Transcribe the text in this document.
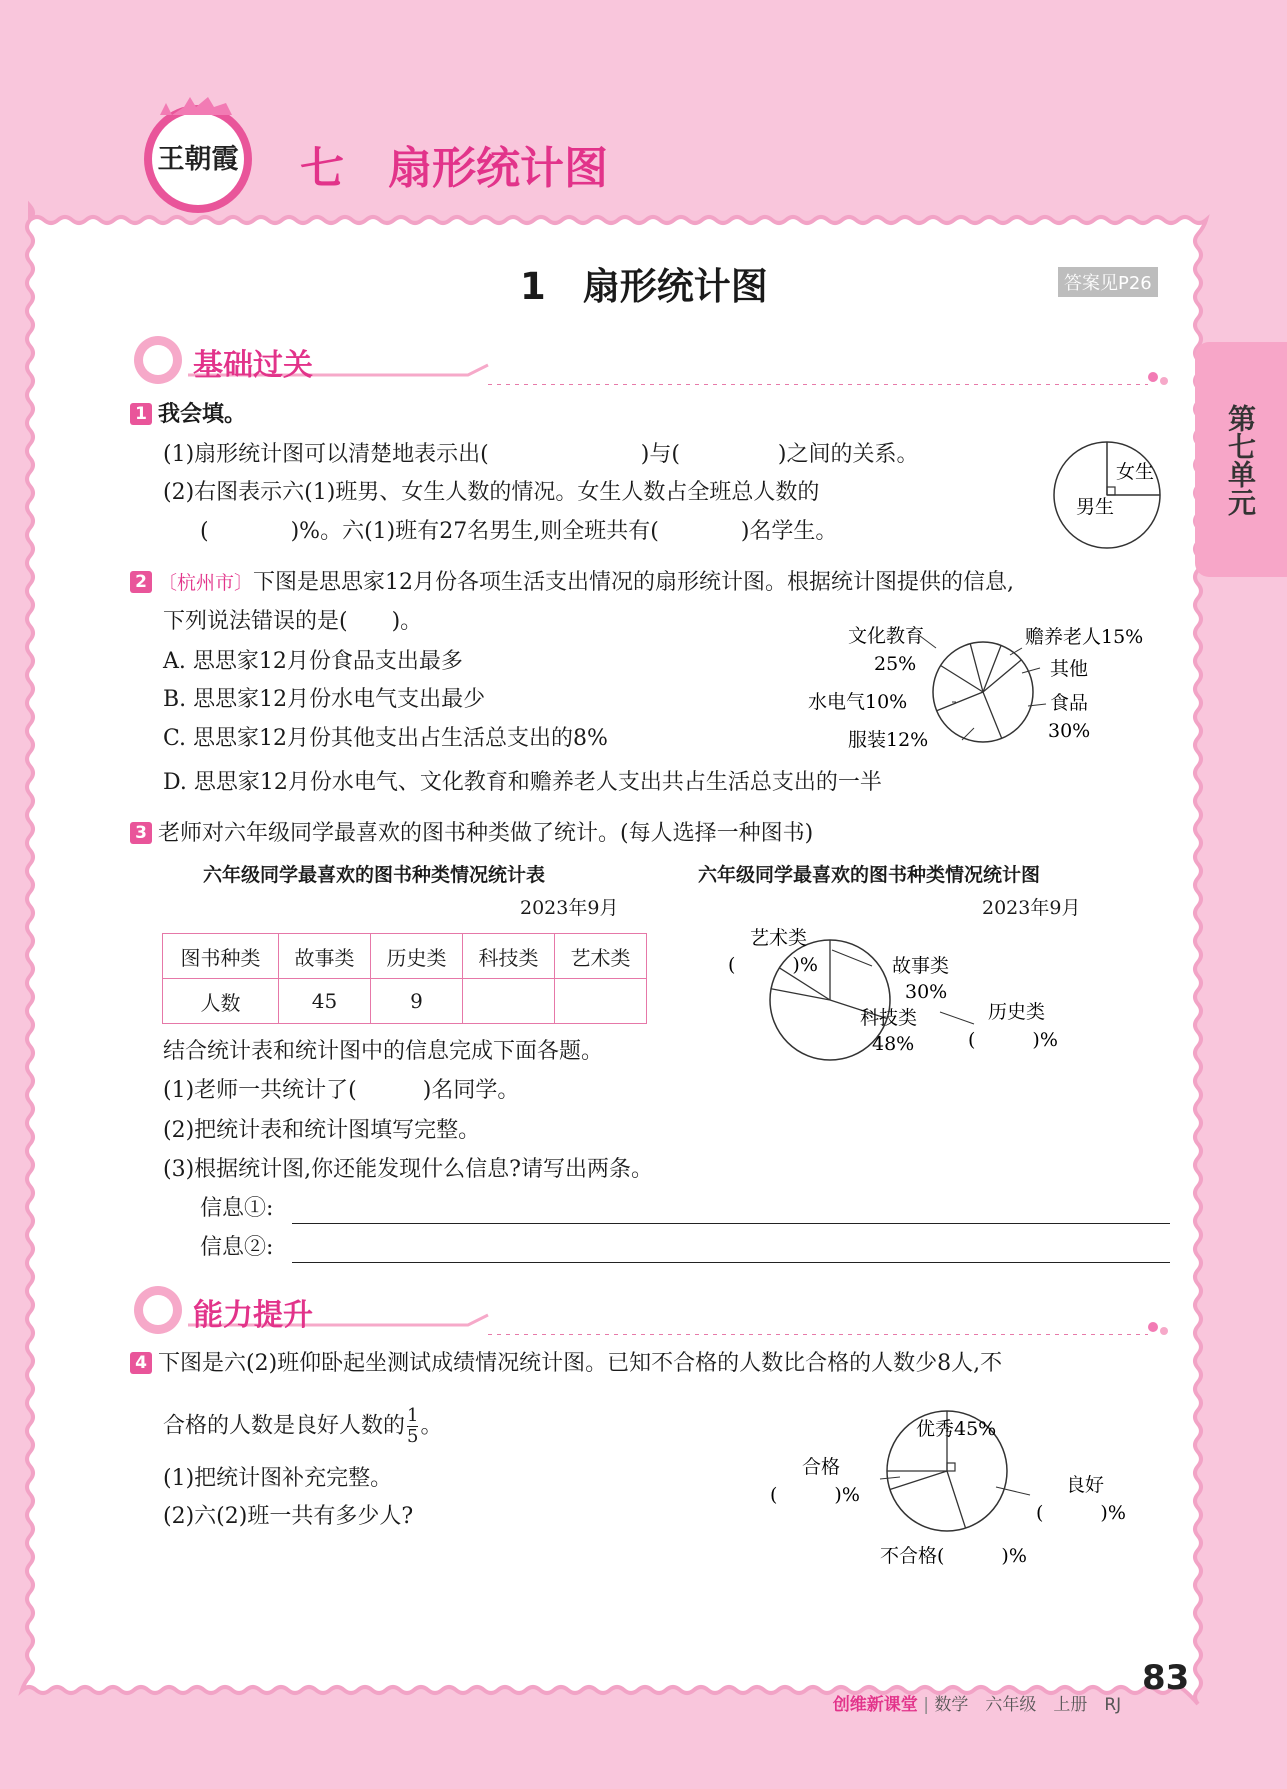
王朝霞 七　扇形统计图
第七单元
1　扇形统计图	答案见P26
基础过关
1 我会填。
(1)扇形统计图可以清楚地表示出(	)与(	)之间的关系。
(2)右图表示六(1)班男、女生人数的情况。女生人数占全班总人数的
(	)%。六(1)班有27名男生,则全班共有(	)名学生。
女生
男生
2 〔杭州市〕下图是思思家12月份各项生活支出情况的扇形统计图。根据统计图提供的信息,
下列说法错误的是(　　)。
A. 思思家12月份食品支出最多
B. 思思家12月份水电气支出最少
C. 思思家12月份其他支出占生活总支出的8%
D. 思思家12月份水电气、文化教育和赡养老人支出共占生活总支出的一半
文化教育
25%
赡养老人15%
其他
食品
30%
水电气10%
服装12%
3 老师对六年级同学最喜欢的图书种类做了统计。(每人选择一种图书)
六年级同学最喜欢的图书种类情况统计表
2023年9月
六年级同学最喜欢的图书种类情况统计图
2023年9月
图书种类	故事类	历史类	科技类	艺术类
人数	45	9		
艺术类
(　　　)%	故事类
30%
历史类
(　　　)%
科技类
48%
结合统计表和统计图中的信息完成下面各题。
(1)老师一共统计了(　　　)名同学。
(2)把统计表和统计图填写完整。
(3)根据统计图,你还能发现什么信息?请写出两条。
信息①:
信息②:
能力提升
4 下图是六(2)班仰卧起坐测试成绩情况统计图。已知不合格的人数比合格的人数少8人,不
合格的人数是良好人数的 $\frac{1}{5}$ 。
(1)把统计图补充完整。
(2)六(2)班一共有多少人?
优秀45%
合格
(　　　)%	良好
(　　　)%
不合格(　　　)%

创维新课堂 | 数学　六年级　上册　RJ

83
